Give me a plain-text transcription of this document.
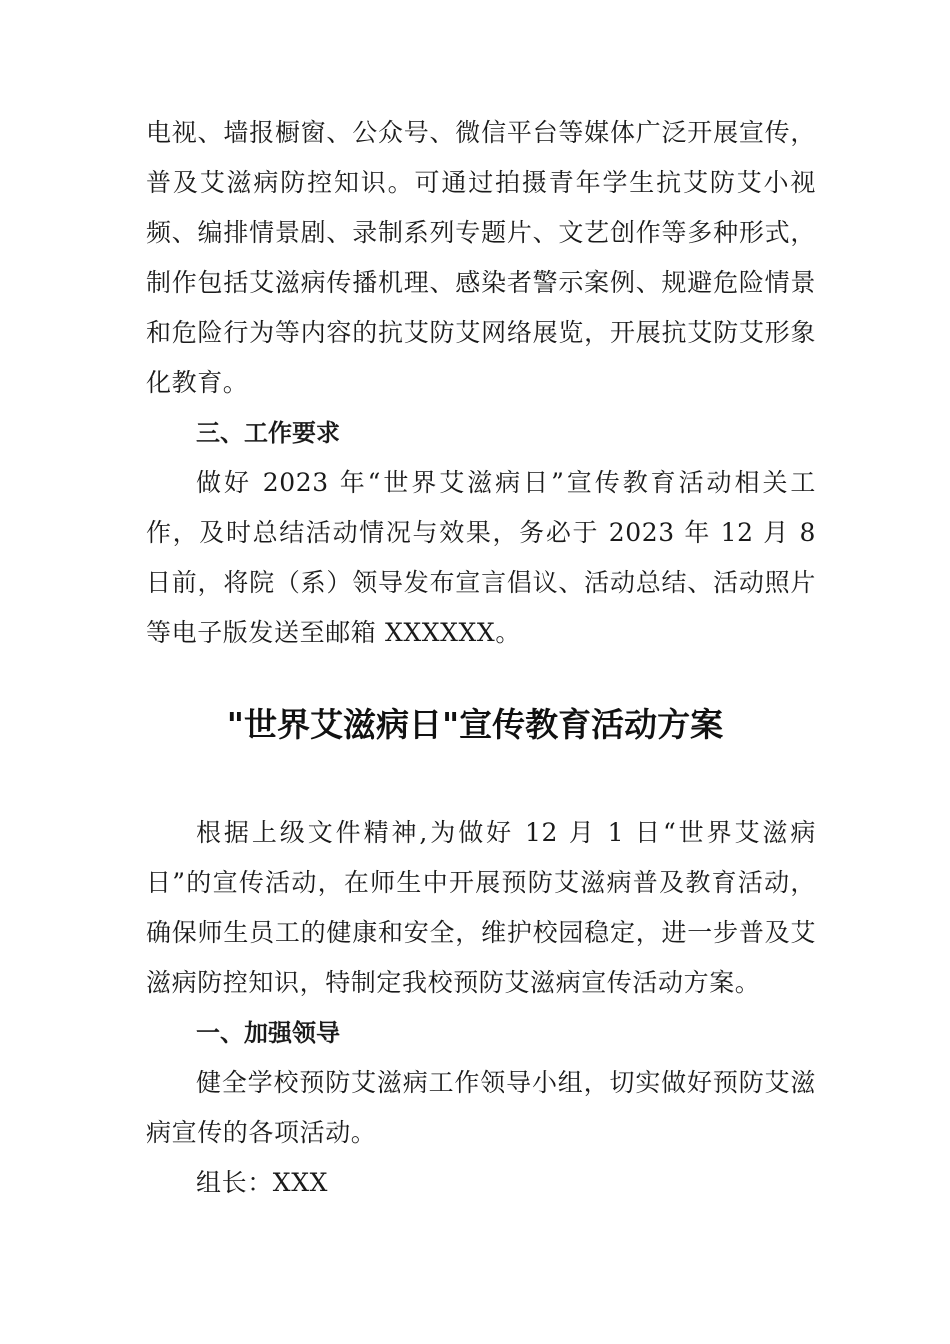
电视、墙报橱窗、公众号、微信平台等媒体广泛开展宣传，普及艾滋病防控知识。可通过拍摄青年学生抗艾防艾小视频、编排情景剧、录制系列专题片、文艺创作等多种形式，制作包括艾滋病传播机理、感染者警示案例、规避危险情景和危险行为等内容的抗艾防艾网络展览，开展抗艾防艾形象化教育。

三、工作要求

做好 2023 年“世界艾滋病日”宣传教育活动相关工作，及时总结活动情况与效果，务必于 2023 年 12 月 8 日前，将院（系）领导发布宣言倡议、活动总结、活动照片等电子版发送至邮箱 XXXXXX。

"世界艾滋病日"宣传教育活动方案

根据上级文件精神,为做好 12 月 1 日“世界艾滋病日”的宣传活动，在师生中开展预防艾滋病普及教育活动，确保师生员工的健康和安全，维护校园稳定，进一步普及艾滋病防控知识，特制定我校预防艾滋病宣传活动方案。

一、加强领导

健全学校预防艾滋病工作领导小组，切实做好预防艾滋病宣传的各项活动。

组长：XXX
